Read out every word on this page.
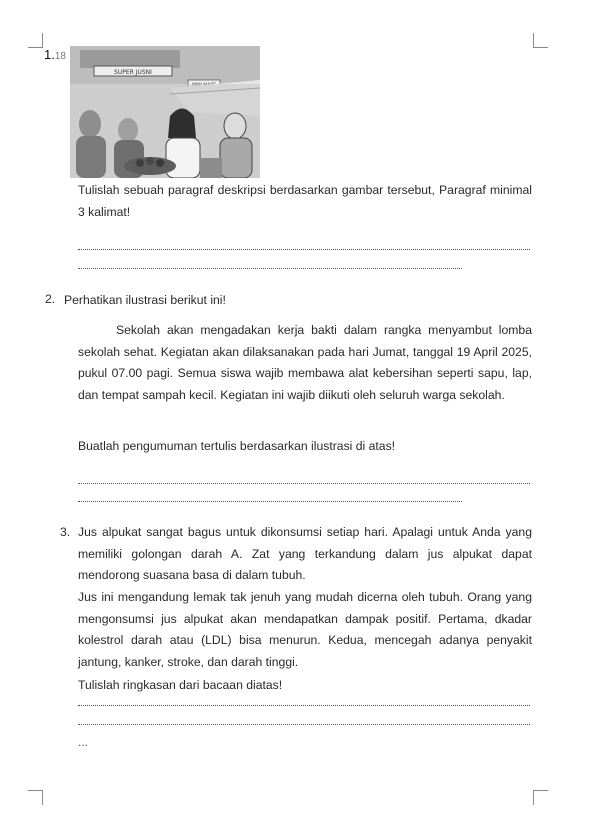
1.18
SUPER JUSNI
Tulislah sebuah paragraf deskripsi berdasarkan gambar tersebut, Paragraf minimal 3 kalimat!
2. Perhatikan ilustrasi berikut ini!
Sekolah akan mengadakan kerja bakti dalam rangka menyambut lomba sekolah sehat. Kegiatan akan dilaksanakan pada hari Jumat, tanggal 19 April 2025, pukul 07.00 pagi. Semua siswa wajib membawa alat kebersihan seperti sapu, lap, dan tempat sampah kecil. Kegiatan ini wajib diikuti oleh seluruh warga sekolah.
Buatlah pengumuman tertulis berdasarkan ilustrasi di atas!
3. Jus alpukat sangat bagus untuk dikonsumsi setiap hari. Apalagi untuk Anda yang memiliki golongan darah A. Zat yang terkandung dalam jus alpukat dapat mendorong suasana basa di dalam tubuh.
Jus ini mengandung lemak tak jenuh yang mudah dicerna oleh tubuh. Orang yang mengonsumsi jus alpukat akan mendapatkan dampak positif. Pertama, dkadar kolestrol darah atau (LDL) bisa menurun. Kedua, mencegah adanya penyakit jantung, kanker, stroke, dan darah tinggi.
Tulislah ringkasan dari bacaan diatas!
...
